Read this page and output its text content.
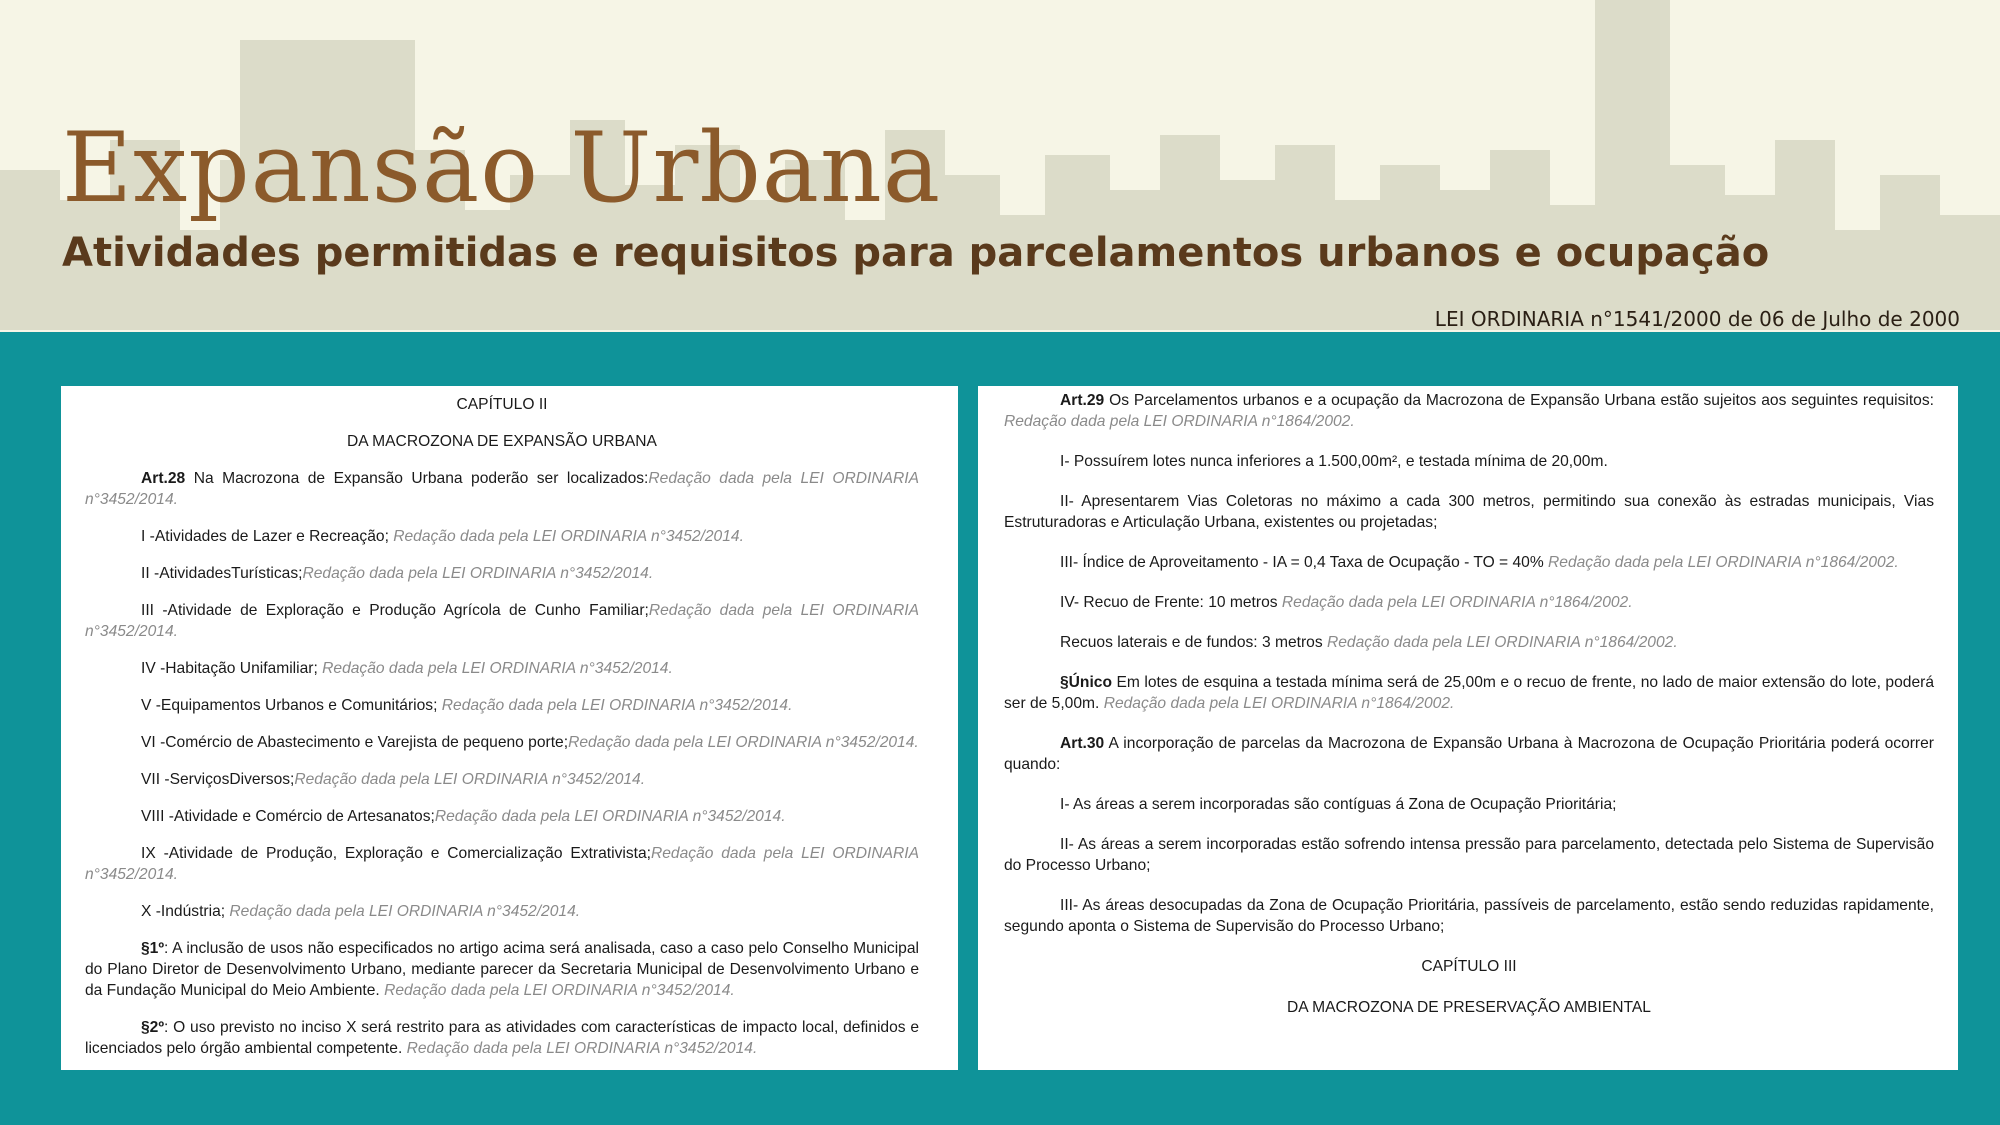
Expansão Urbana
Atividades permitidas e requisitos para parcelamentos urbanos e ocupação
LEI ORDINARIA n°1541/2000 de 06 de Julho de 2000

CAPÍTULO II

DA MACROZONA DE EXPANSÃO URBANA

Art.28 Na Macrozona de Expansão Urbana poderão ser localizados:Redação dada pela LEI ORDINARIA n°3452/2014.

I -Atividades de Lazer e Recreação; Redação dada pela LEI ORDINARIA n°3452/2014.

II -AtividadesTurísticas;Redação dada pela LEI ORDINARIA n°3452/2014.

III -Atividade de Exploração e Produção Agrícola de Cunho Familiar;Redação dada pela LEI ORDINARIA n°3452/2014.

IV -Habitação Unifamiliar; Redação dada pela LEI ORDINARIA n°3452/2014.

V -Equipamentos Urbanos e Comunitários; Redação dada pela LEI ORDINARIA n°3452/2014.

VI -Comércio de Abastecimento e Varejista de pequeno porte;Redação dada pela LEI ORDINARIA n°3452/2014.

VII -ServiçosDiversos;Redação dada pela LEI ORDINARIA n°3452/2014.

VIII -Atividade e Comércio de Artesanatos;Redação dada pela LEI ORDINARIA n°3452/2014.

IX -Atividade de Produção, Exploração e Comercialização Extrativista;Redação dada pela LEI ORDINARIA n°3452/2014.

X -Indústria; Redação dada pela LEI ORDINARIA n°3452/2014.

§1º: A inclusão de usos não especificados no artigo acima será analisada, caso a caso pelo Conselho Municipal do Plano Diretor de Desenvolvimento Urbano, mediante parecer da Secretaria Municipal de Desenvolvimento Urbano e da Fundação Municipal do Meio Ambiente. Redação dada pela LEI ORDINARIA n°3452/2014.

§2º: O uso previsto no inciso X será restrito para as atividades com características de impacto local, definidos e licenciados pelo órgão ambiental competente. Redação dada pela LEI ORDINARIA n°3452/2014.

Art.29 Os Parcelamentos urbanos e a ocupação da Macrozona de Expansão Urbana estão sujeitos aos seguintes requisitos: Redação dada pela LEI ORDINARIA n°1864/2002.

I- Possuírem lotes nunca inferiores a 1.500,00m², e testada mínima de 20,00m.

II- Apresentarem Vias Coletoras no máximo a cada 300 metros, permitindo sua conexão às estradas municipais, Vias Estruturadoras e Articulação Urbana, existentes ou projetadas;

III- Índice de Aproveitamento - IA = 0,4 Taxa de Ocupação - TO = 40% Redação dada pela LEI ORDINARIA n°1864/2002.

IV- Recuo de Frente: 10 metros Redação dada pela LEI ORDINARIA n°1864/2002.

Recuos laterais e de fundos: 3 metros Redação dada pela LEI ORDINARIA n°1864/2002.

§Único Em lotes de esquina a testada mínima será de 25,00m e o recuo de frente, no lado de maior extensão do lote, poderá ser de 5,00m. Redação dada pela LEI ORDINARIA n°1864/2002.

Art.30 A incorporação de parcelas da Macrozona de Expansão Urbana à Macrozona de Ocupação Prioritária poderá ocorrer quando:

I- As áreas a serem incorporadas são contíguas á Zona de Ocupação Prioritária;

II- As áreas a serem incorporadas estão sofrendo intensa pressão para parcelamento, detectada pelo Sistema de Supervisão do Processo Urbano;

III- As áreas desocupadas da Zona de Ocupação Prioritária, passíveis de parcelamento, estão sendo reduzidas rapidamente, segundo aponta o Sistema de Supervisão do Processo Urbano;

CAPÍTULO III

DA MACROZONA DE PRESERVAÇÃO AMBIENTAL
